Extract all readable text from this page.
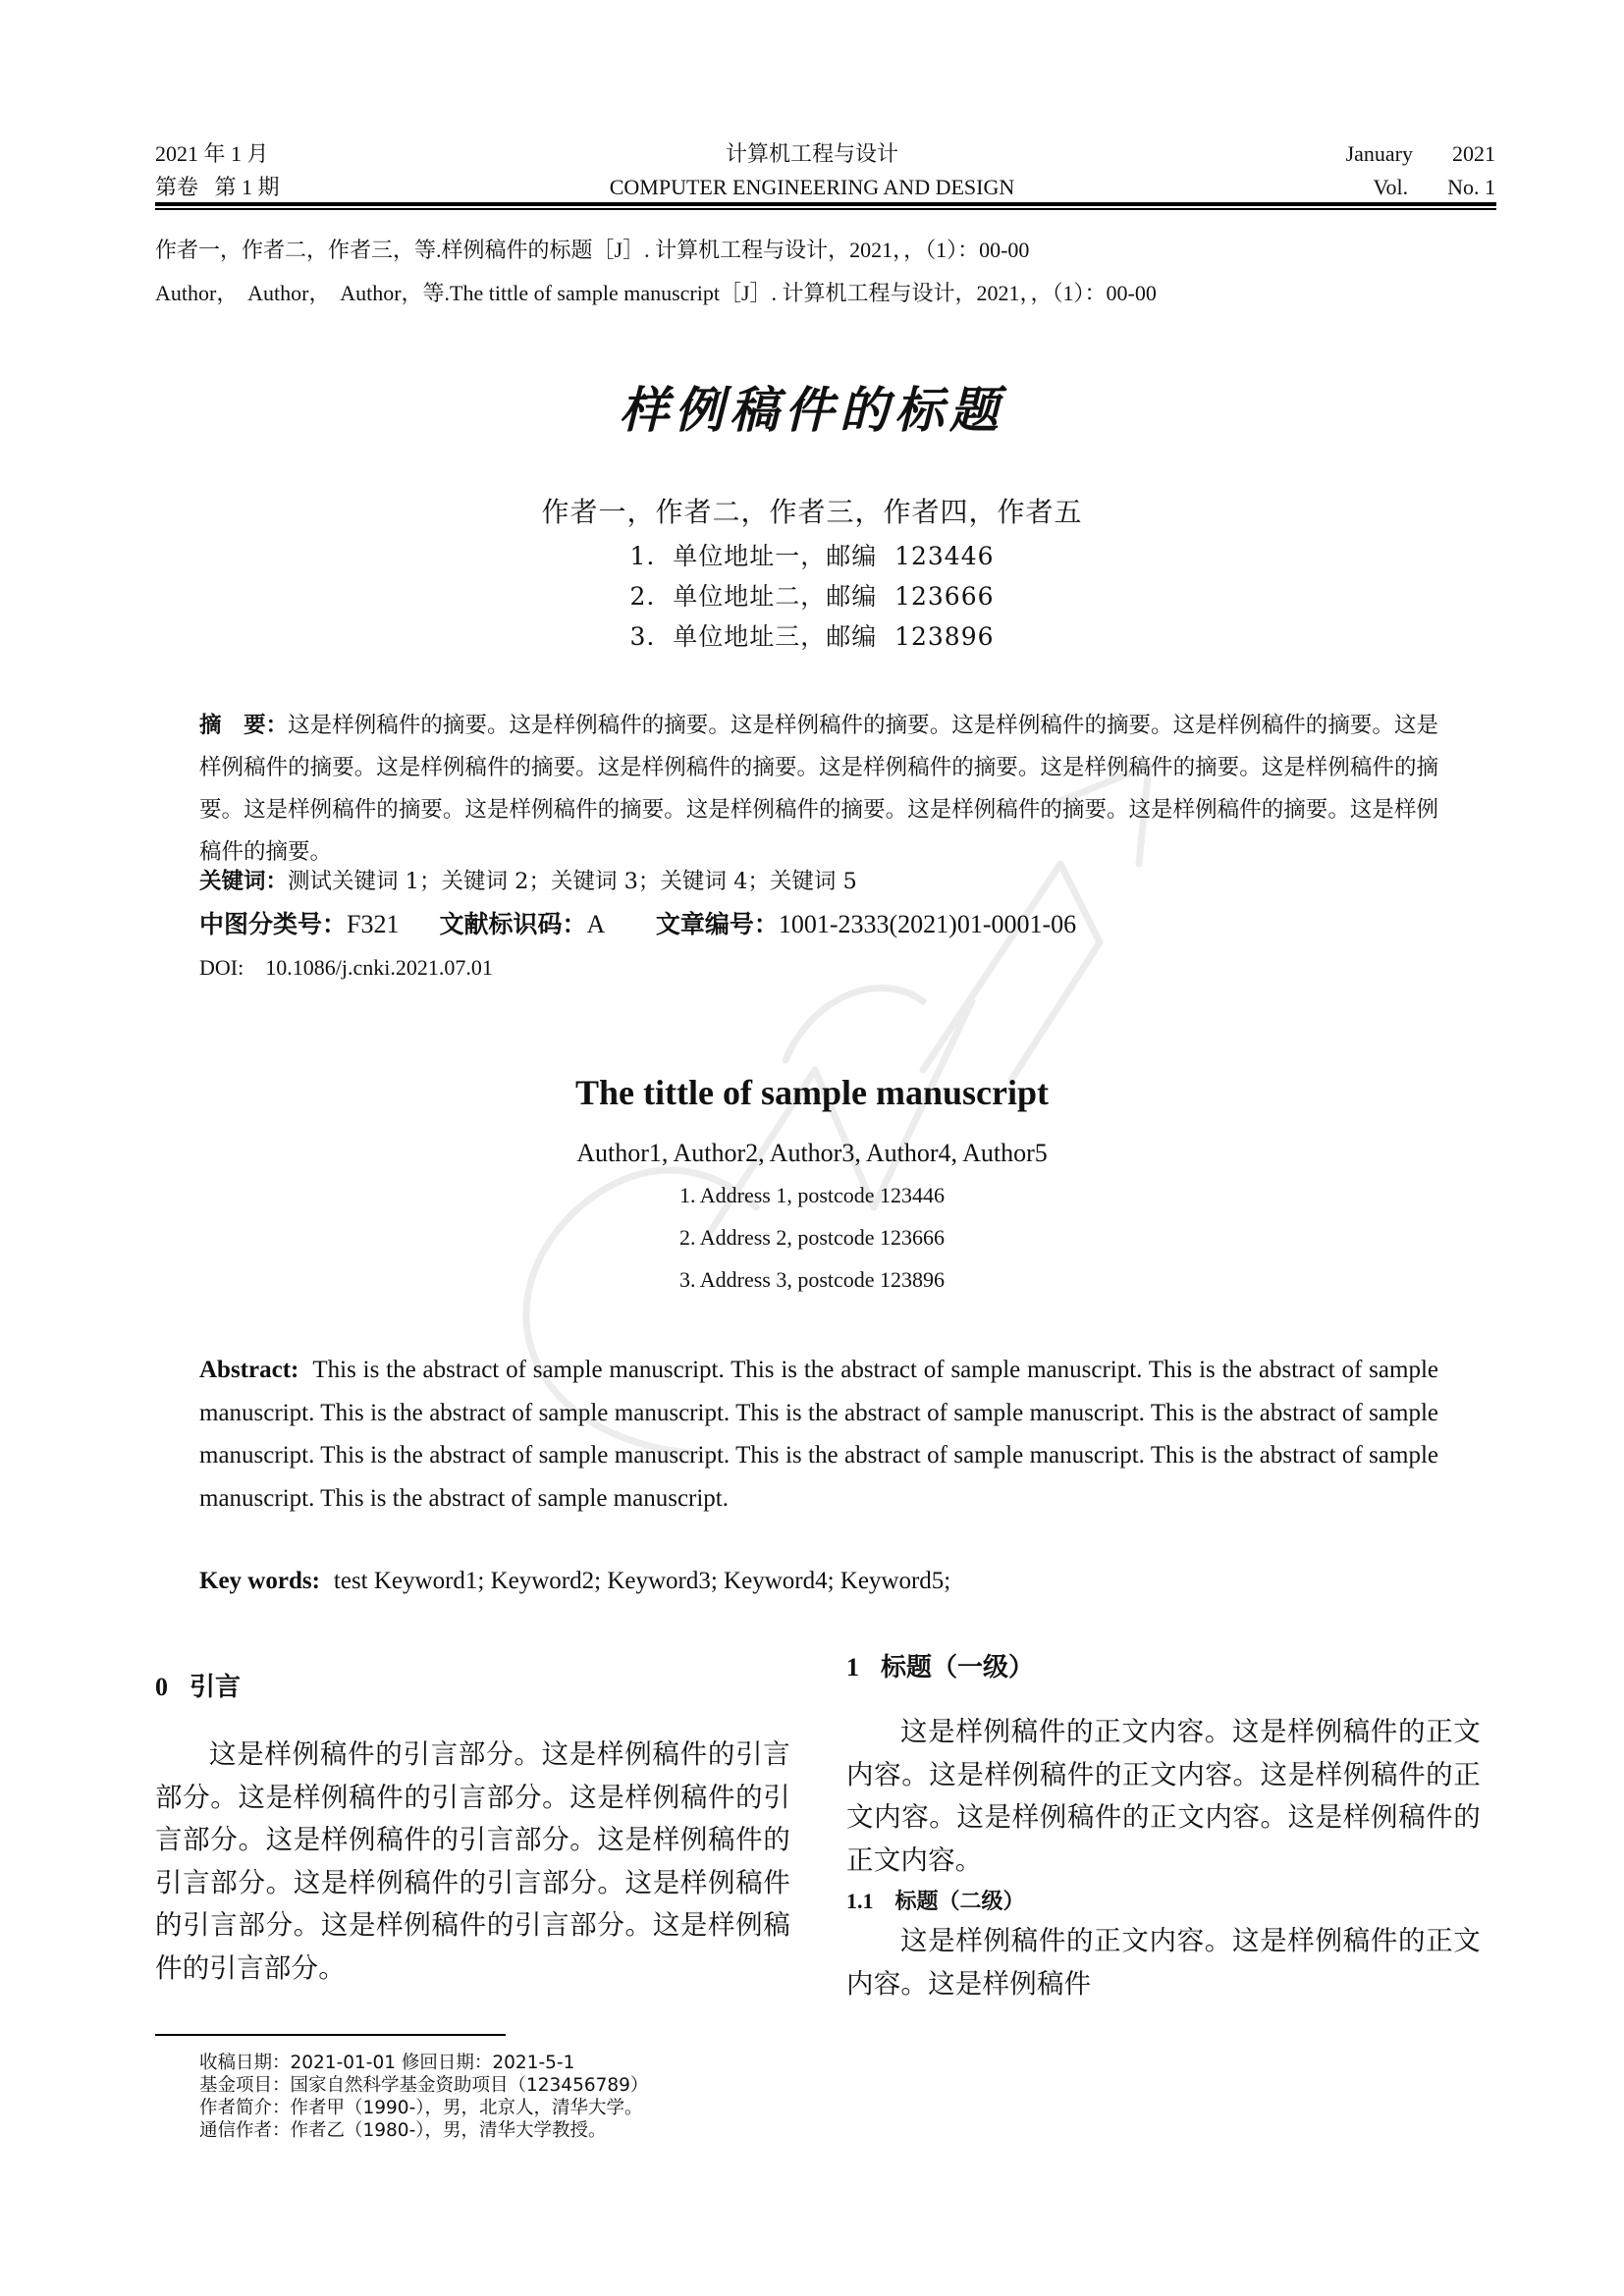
2021 年 1 月
第卷   第 1 期
计算机工程与设计
COMPUTER ENGINEERING AND DESIGN
January 2021
Vol. No. 1
作者一，作者二，作者三，等.样例稿件的标题［J］. 计算机工程与设计，2021，，（1）：00-00
Author，  Author，  Author，等.The tittle of sample manuscript［J］. 计算机工程与设计，2021，，（1）：00-00
样例稿件的标题
作者一，作者二，作者三，作者四，作者五
1.  单位地址一，邮编  123446
2.  单位地址二，邮编  123666
3.  单位地址三，邮编  123896
摘　要：这是样例稿件的摘要。这是样例稿件的摘要。这是样例稿件的摘要。这是样例稿件的摘要。这是样例稿件的摘要。这是样例稿件的摘要。这是样例稿件的摘要。这是样例稿件的摘要。这是样例稿件的摘要。这是样例稿件的摘要。这是样例稿件的摘要。这是样例稿件的摘要。这是样例稿件的摘要。这是样例稿件的摘要。这是样例稿件的摘要。这是样例稿件的摘要。这是样例稿件的摘要。
关键词：测试关键词 1；关键词 2；关键词 3；关键词 4；关键词 5
中图分类号：F321 文献标识码：A 文章编号：1001-2333(2021)01-0001-06
DOI: 10.1086/j.cnki.2021.07.01
The tittle of sample manuscript
Author1, Author2, Author3, Author4, Author5
1. Address 1, postcode 123446
2. Address 2, postcode 123666
3. Address 3, postcode 123896
Abstract: This is the abstract of sample manuscript. This is the abstract of sample manuscript. This is the abstract of sample manuscript. This is the abstract of sample manuscript. This is the abstract of sample manuscript. This is the abstract of sample manuscript. This is the abstract of sample manuscript. This is the abstract of sample manuscript. This is the abstract of sample manuscript. This is the abstract of sample manuscript.
Key words: test Keyword1; Keyword2; Keyword3; Keyword4; Keyword5;
0 引言
这是样例稿件的引言部分。这是样例稿件的引言部分。这是样例稿件的引言部分。这是样例稿件的引言部分。这是样例稿件的引言部分。这是样例稿件的引言部分。这是样例稿件的引言部分。这是样例稿件的引言部分。这是样例稿件的引言部分。这是样例稿件的引言部分。
1 标题（一级）
这是样例稿件的正文内容。这是样例稿件的正文内容。这是样例稿件的正文内容。这是样例稿件的正文内容。这是样例稿件的正文内容。这是样例稿件的正文内容。
1.1 标题（二级）
这是样例稿件的正文内容。这是样例稿件的正文内容。这是样例稿件
收稿日期：2021-01-01 修回日期：2021-5-1
基金项目：国家自然科学基金资助项目（123456789）
作者简介：作者甲（1990-），男，北京人，清华大学。
通信作者：作者乙（1980-），男，清华大学教授。
